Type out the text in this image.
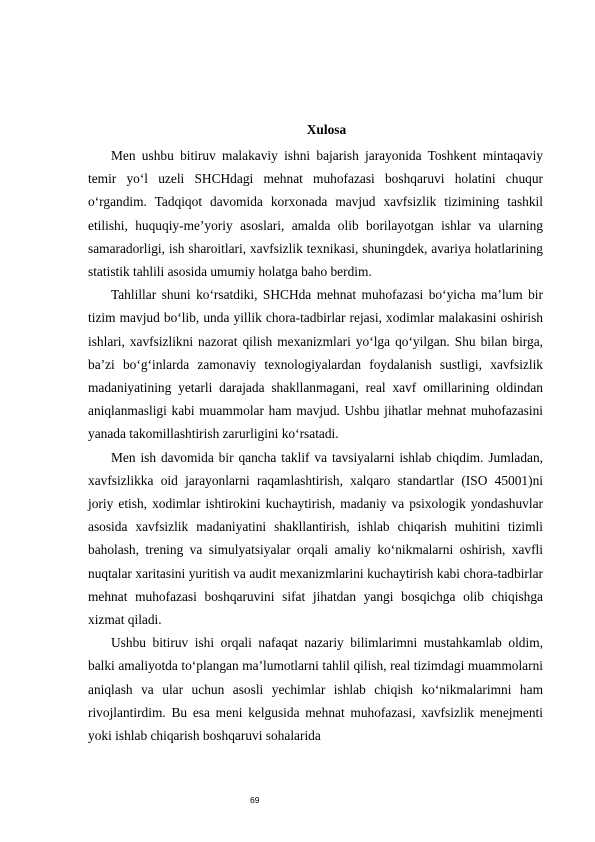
Xulosa

Men ushbu bitiruv malakaviy ishni bajarish jarayonida Toshkent mintaqaviy temir yo‘l uzeli SHCHdagi mehnat muhofazasi boshqaruvi holatini chuqur o‘rgandim. Tadqiqot davomida korxonada mavjud xavfsizlik tizimining tashkil etilishi, huquqiy-me’yoriy asoslari, amalda olib borilayotgan ishlar va ularning samaradorligi, ish sharoitlari, xavfsizlik texnikasi, shuningdek, avariya holatlarining statistik tahlili asosida umumiy holatga baho berdim.

Tahlillar shuni ko‘rsatdiki, SHCHda mehnat muhofazasi bo‘yicha ma’lum bir tizim mavjud bo‘lib, unda yillik chora-tadbirlar rejasi, xodimlar malakasini oshirish ishlari, xavfsizlikni nazorat qilish mexanizmlari yo‘lga qo‘yilgan. Shu bilan birga, ba’zi bo‘g‘inlarda zamonaviy texnologiyalardan foydalanish sustligi, xavfsizlik madaniyatining yetarli darajada shakllanmagani, real xavf omillarining oldindan aniqlanmasligi kabi muammolar ham mavjud. Ushbu jihatlar mehnat muhofazasini yanada takomillashtirish zarurligini ko‘rsatadi.

Men ish davomida bir qancha taklif va tavsiyalarni ishlab chiqdim. Jumladan, xavfsizlikka oid jarayonlarni raqamlashtirish, xalqaro standartlar (ISO 45001)ni joriy etish, xodimlar ishtirokini kuchaytirish, madaniy va psixologik yondashuvlar asosida xavfsizlik madaniyatini shakllantirish, ishlab chiqarish muhitini tizimli baholash, trening va simulyatsiyalar orqali amaliy ko‘nikmalarni oshirish, xavfli nuqtalar xaritasini yuritish va audit mexanizmlarini kuchaytirish kabi chora-tadbirlar mehnat muhofazasi boshqaruvini sifat jihatdan yangi bosqichga olib chiqishga xizmat qiladi.

Ushbu bitiruv ishi orqali nafaqat nazariy bilimlarimni mustahkamlab oldim, balki amaliyotda to‘plangan ma’lumotlarni tahlil qilish, real tizimdagi muammolarni aniqlash va ular uchun asosli yechimlar ishlab chiqish ko‘nikmalarimni ham rivojlantirdim. Bu esa meni kelgusida mehnat muhofazasi, xavfsizlik menejmenti yoki ishlab chiqarish boshqaruvi sohalarida

69
